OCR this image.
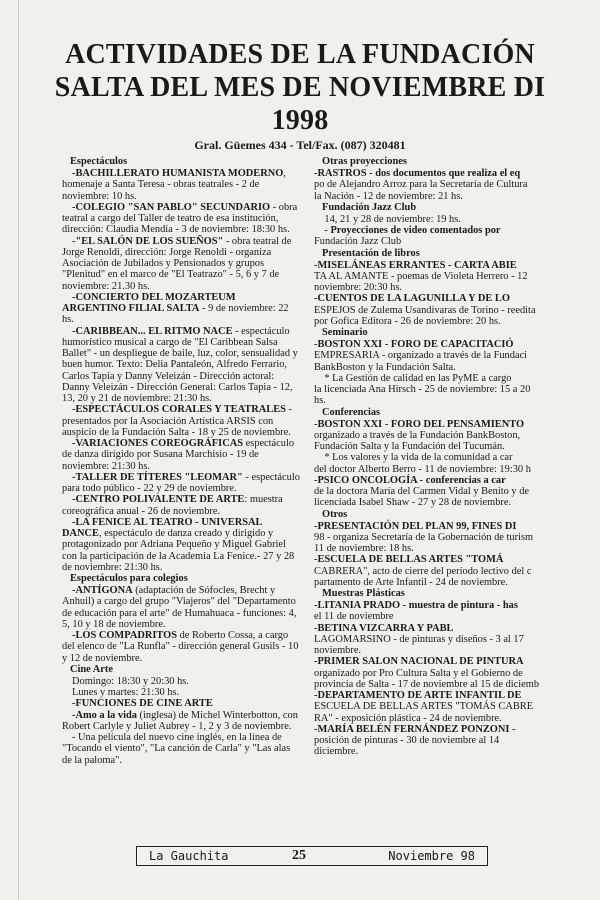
ACTIVIDADES DE LA FUNDACIÓN
SALTA DEL MES DE NOVIEMBRE DI
1998
Gral. Güemes 434 - Tel/Fax. (087) 320481

Espectáculos

-BACHILLERATO HUMANISTA MODERNO, homenaje a Santa Teresa - obras teatrales - 2 de noviembre: 10 hs.

-COLEGIO "SAN PABLO" SECUNDARIO - obra teatral a cargo del Taller de teatro de esa institución, dirección: Claudia Mendía - 3 de noviembre: 18:30 hs.

-"EL SALÓN DE LOS SUEÑOS" - obra teatral de Jorge Renoldi, dirección: Jorge Renoldi - organiza Asociación de Jubilados y Pensionados y grupos "Plenitud" en el marco de "El Teatrazo" - 5, 6 y 7 de noviembre: 21.30 hs.

-CONCIERTO DEL MOZARTEUM ARGENTINO FILIAL SALTA - 9 de noviembre: 22 hs.

-CARIBBEAN... EL RITMO NACE - espectáculo humorístico musical a cargo de "El Caribbean Salsa Ballet" - un despliegue de baile, luz, color, sensualidad y buen humor. Texto: Delia Pantaleón, Alfredo Ferrario, Carlos Tapia y Danny Veleizán - Dirección actoral: Danny Veleizán - Dirección General: Carlos Tapia - 12, 13, 20 y 21 de noviembre: 21:30 hs.

-ESPECTÁCULOS CORALES Y TEATRALES - presentados por la Asociación Artística ARSIS con auspicio de la Fundación Salta - 18 y 25 de noviembre.

-VARIACIONES COREOGRÁFICAS espectáculo de danza dirigido por Susana Marchisio - 19 de noviembre: 21:30 hs.

-TALLER DE TÍTERES "LEOMAR" - espectáculo para todo público - 22 y 29 de noviembre.

-CENTRO POLIVALENTE DE ARTE: muestra coreográfica anual - 26 de noviembre.

-LA FENICE AL TEATRO - UNIVERSAL DANCE, espectáculo de danza creado y dirigido y protagonizado por Adriana Pequeño y Miguel Gabriel con la participación de la Academia La Fenice.- 27 y 28 de noviembre: 21:30 hs.

Espectáculos para colegios

-ANTÍGONA (adaptación de Sófocles, Brecht y Anhuil) a cargo del grupo "Viajeros" del "Departamento de educación para el arte" de Humahuaca - funciones: 4, 5, 10 y 18 de noviembre.

-LOS COMPADRITOS de Roberto Cossa, a cargo del elenco de "La Runfla" - dirección general Gusils - 10 y 12 de noviembre.

Cine Arte

Domingo: 18:30 y 20:30 hs.

Lunes y martes: 21:30 hs.

-FUNCIONES DE CINE ARTE

-Amo a la vida (inglesa) de Michel Winterbotton, con Robert Carlyle y Juliet Aubrey - 1, 2 y 3 de noviembre.

- Una película del nuevo cine inglés, en la línea de "Tocando el viento", "La canción de Carla" y "Las alas de la paloma".

Otras proyecciones

-RASTROS - dos documentos que realiza el eq

po de Alejandro Arroz para la Secretaría de Cultura

la Nación - 12 de noviembre: 21 hs.

Fundación Jazz Club

14, 21 y 28 de noviembre: 19 hs.

- Proyecciones de video comentados por

Fundación Jazz Club

Presentación de libros

-MISELÁNEAS ERRANTES - CARTA ABIE

TA AL AMANTE - poemas de Violeta Herrero - 12

noviembre: 20:30 hs.

-CUENTOS DE LA LAGUNILLA Y DE LO

ESPEJOS de Zulema Usandivaras de Torino - reedita

por Gofica Editora - 26 de noviembre: 20 hs.

Seminario

-BOSTON XXI - FORO DE CAPACITACIÓ

EMPRESARIA - organizado a través de la Fundaci

BankBoston y la Fundación Salta.

* La Gestión de calidad en las PyME a cargo

la licenciada Ana Hirsch - 25 de noviembre: 15 a 20

hs.

Conferencias

-BOSTON XXI - FORO DEL PENSAMIENTO

organizado a través de la Fundación BankBoston,

Fundación Salta y la Fundación del Tucumán.

* Los valores y la vida de la comunidad a car

del doctor Alberto Berro - 11 de noviembre: 19:30 h

-PSICO ONCOLOGÍA - conferencias a car

de la doctora María del Carmen Vidal y Benito y de

licenciada Isabel Shaw - 27 y 28 de noviembre.

Otros

-PRESENTACIÓN DEL PLAN 99, FINES DI

98 - organiza Secretaría de la Gobernación de turism

11 de noviembre: 18 hs.

-ESCUELA DE BELLAS ARTES "TOMÁ

CABRERA", acto de cierre del período lectivo del c

partamento de Arte Infantil - 24 de noviembre.

Muestras Plásticas

-LITANIA PRADO - muestra de pintura - has

el 11 de noviembre

-BETINA VIZCARRA Y PABL

LAGOMARSINO - de pinturas y diseños - 3 al 17

noviembre.

-PRIMER SALON NACIONAL DE PINTURA

organizado por Pro Cultura Salta y el Gobierno de

provincia de Salta - 17 de noviembre al 15 de diciemb

-DEPARTAMENTO DE ARTE INFANTIL DE

ESCUELA DE BELLAS ARTES "TOMÁS CABRE

RA" - exposición plástica - 24 de noviembre.

-MARÍA BELÉN FERNÁNDEZ PONZONI -

posición de pinturas - 30 de noviembre al 14

diciembre.

La Gauchita	25	Noviembre 98
